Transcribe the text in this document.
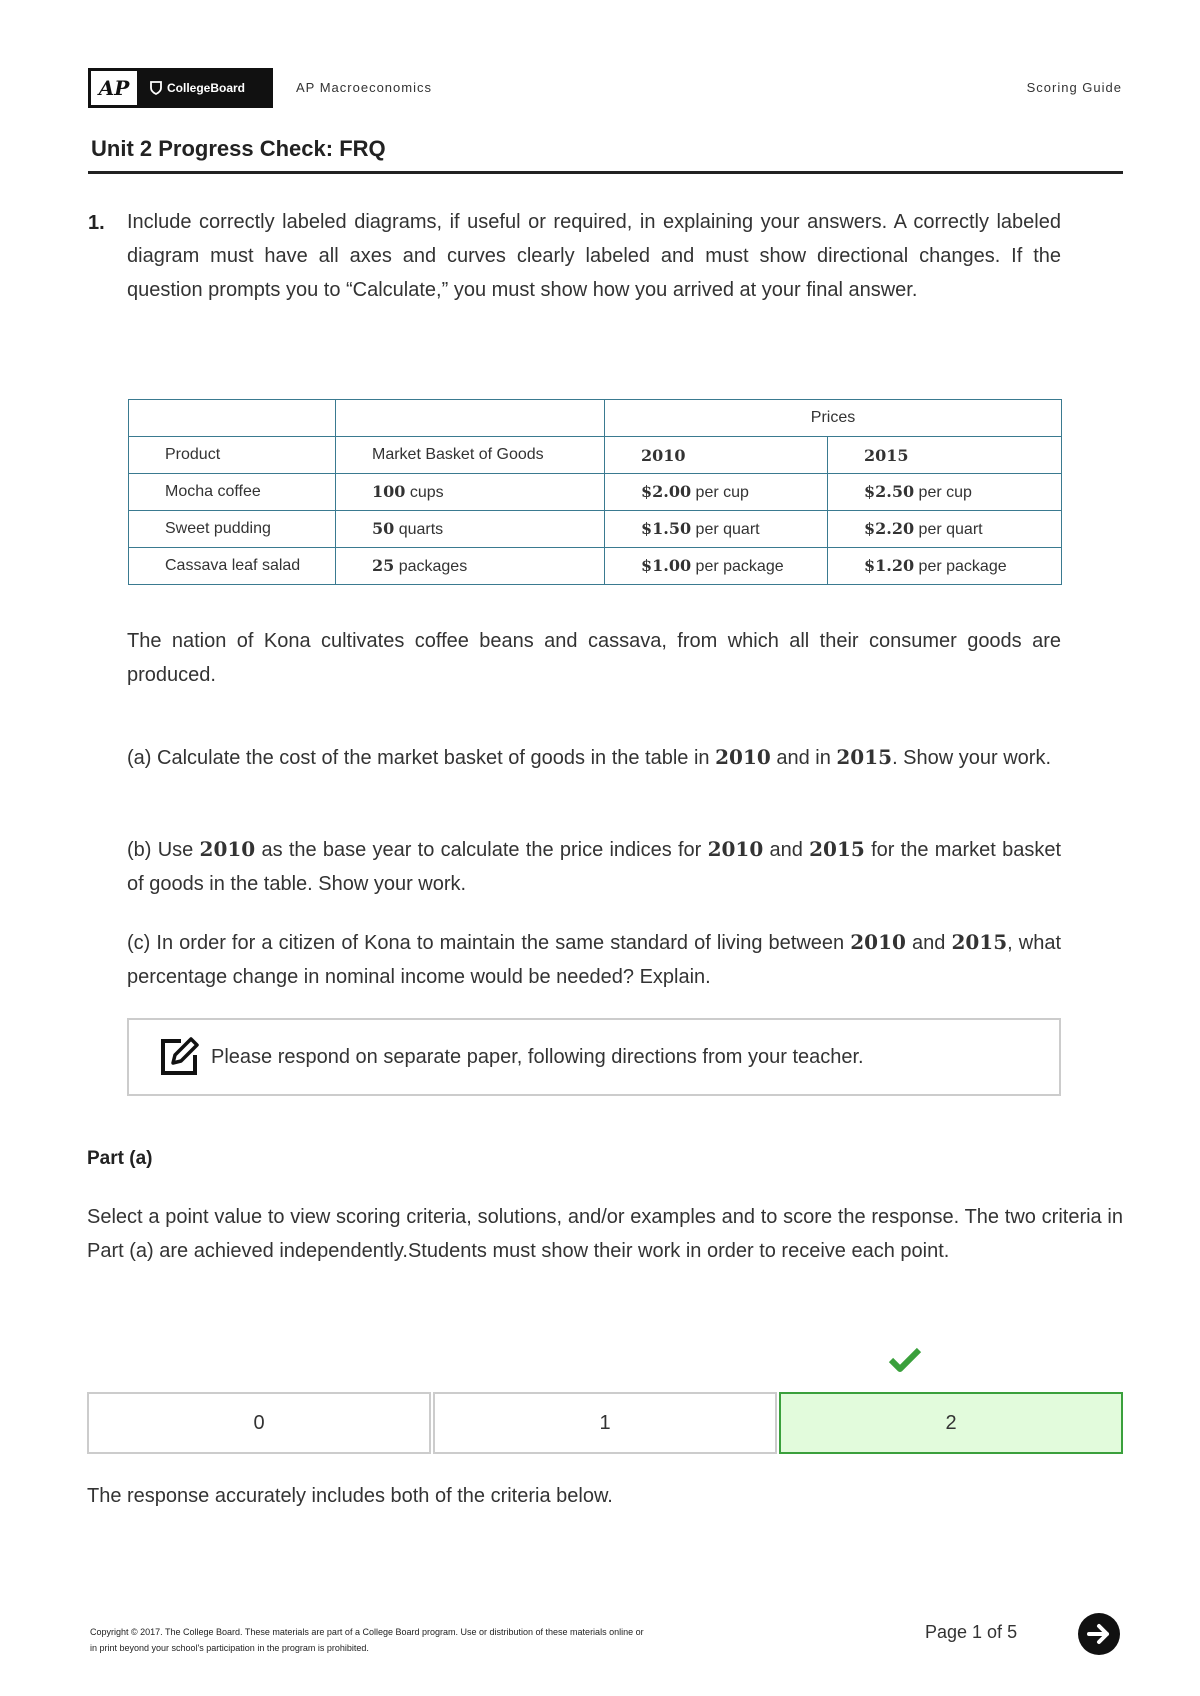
AP	CollegeBoard	AP Macroeconomics	Scoring Guide
Unit 2 Progress Check: FRQ
1. Include correctly labeled diagrams, if useful or required, in explaining your answers. A correctly labeled diagram must have all axes and curves clearly labeled and must show directional changes. If the question prompts you to “Calculate,” you must show how you arrived at your final answer.
		Prices	
Product	Market Basket of Goods	2010	2015
Mocha coffee	100 cups	$2.00 per cup	$2.50 per cup
Sweet pudding	50 quarts	$1.50 per quart	$2.20 per quart
Cassava leaf salad	25 packages	$1.00 per package	$1.20 per package
The nation of Kona cultivates coffee beans and cassava, from which all their consumer goods are produced.
(a) Calculate the cost of the market basket of goods in the table in 2010 and in 2015. Show your work.
(b) Use 2010 as the base year to calculate the price indices for 2010 and 2015 for the market basket of goods in the table. Show your work.
(c) In order for a citizen of Kona to maintain the same standard of living between 2010 and 2015, what percentage change in nominal income would be needed? Explain.
Please respond on separate paper, following directions from your teacher.
Part (a)
Select a point value to view scoring criteria, solutions, and/or examples and to score the response. The two criteria in Part (a) are achieved independently.Students must show their work in order to receive each point.
0	1	2
The response accurately includes both of the criteria below.
Copyright © 2017. The College Board. These materials are part of a College Board program. Use or distribution of these materials online or
in print beyond your school's participation in the program is prohibited.
Page 1 of 5
